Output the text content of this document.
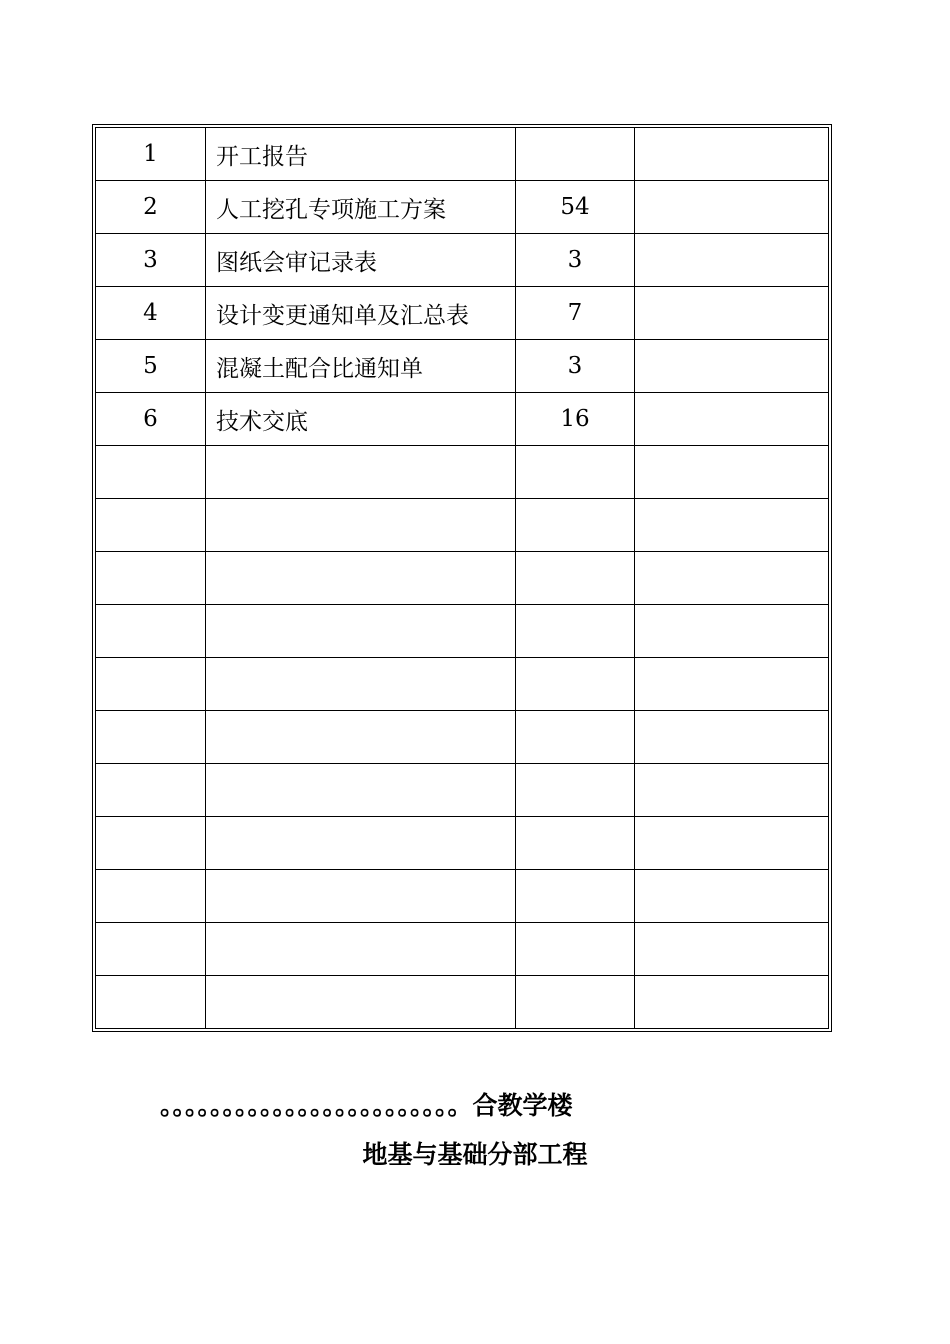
1	开工报告		
2	人工挖孔专项施工方案	54	
3	图纸会审记录表	3	
4	设计变更通知单及汇总表	7	
5	混凝土配合比通知单	3	
6	技术交底	16	

。。。。。。。。。。。。。。。。。。。。。。。。合教学楼
地基与基础分部工程
